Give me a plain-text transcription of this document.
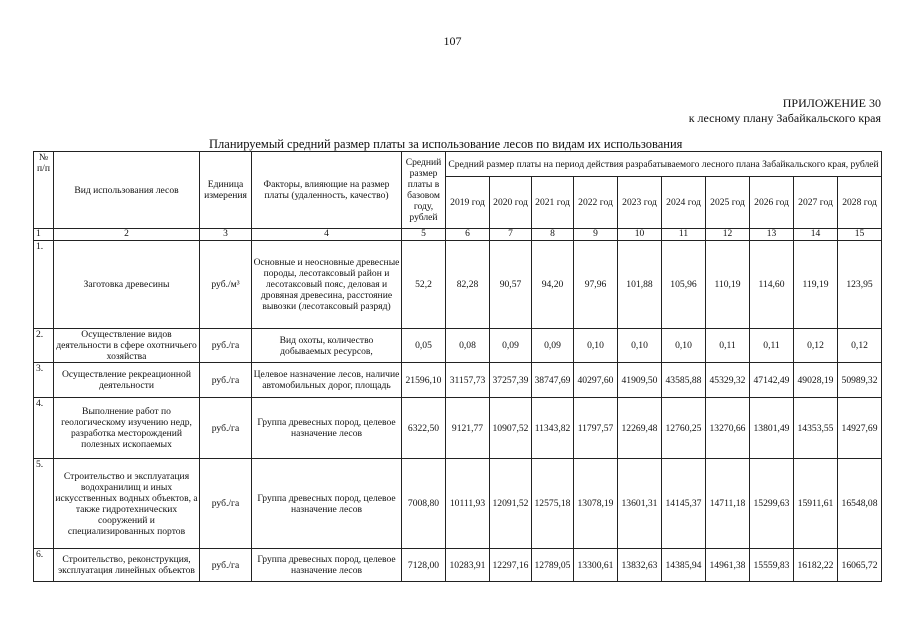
107
ПРИЛОЖЕНИЕ 30
к лесному плану Забайкальского края
Планируемый средний размер платы за использование лесов по видам их использования
№ п/п	Вид использования лесов	Единица измерения	Факторы, влияющие на размер платы (удаленность, качество)	Средний размер платы в базовом году, рублей	Средний размер платы на период действия разрабатываемого лесного плана Забайкальского края, рублей									
					2019 год	2020 год	2021 год	2022 год	2023 год	2024 год	2025 год	2026 год	2027 год	2028 год
1	2	3	4	5	6	7	8	9	10	11	12	13	14	15
1.	Заготовка древесины	руб./м³	Основные и неосновные древесные породы, лесотаксовый район и лесотаксовый пояс, деловая и дровяная древесина, расстояние вывозки (лесотаксовый разряд)	52,2	82,28	90,57	94,20	97,96	101,88	105,96	110,19	114,60	119,19	123,95
2.	Осуществление видов деятельности в сфере охотничьего хозяйства	руб./га	Вид охоты, количество добываемых ресурсов,	0,05	0,08	0,09	0,09	0,10	0,10	0,10	0,11	0,11	0,12	0,12
3.	Осуществление рекреационной деятельности	руб./га	Целевое назначение лесов, наличие автомобильных дорог, площадь	21596,10	31157,73	37257,39	38747,69	40297,60	41909,50	43585,88	45329,32	47142,49	49028,19	50989,32
4.	Выполнение работ по геологическому изучению недр, разработка месторождений полезных ископаемых	руб./га	Группа древесных пород, целевое назначение лесов	6322,50	9121,77	10907,52	11343,82	11797,57	12269,48	12760,25	13270,66	13801,49	14353,55	14927,69
5.	Строительство и эксплуатация водохранилищ и иных искусственных водных объектов, а также гидротехнических сооружений и специализированных портов	руб./га	Группа древесных пород, целевое назначение лесов	7008,80	10111,93	12091,52	12575,18	13078,19	13601,31	14145,37	14711,18	15299,63	15911,61	16548,08
6.	Строительство, реконструкция, эксплуатация линейных объектов	руб./га	Группа древесных пород, целевое назначение лесов	7128,00	10283,91	12297,16	12789,05	13300,61	13832,63	14385,94	14961,38	15559,83	16182,22	16065,72
